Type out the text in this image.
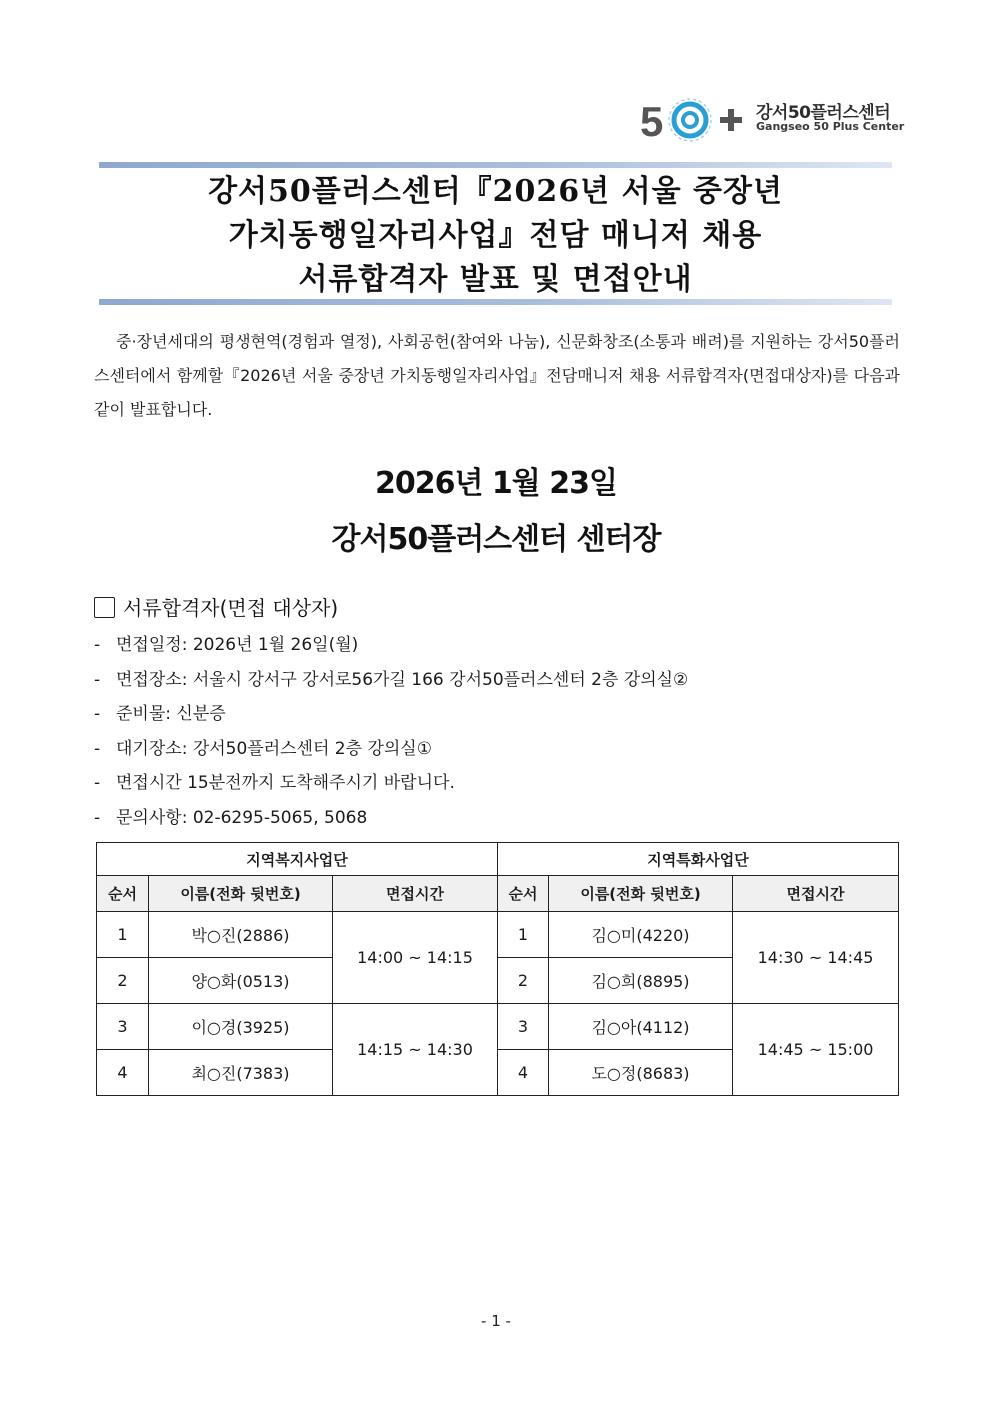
5	강서50플러스센터
Gangseo 50 Plus Center
강서50플러스센터『2026년 서울 중장년
가치동행일자리사업』전담 매니저 채용
서류합격자 발표 및 면접안내
중·장년세대의 평생현역(경험과 열정), 사회공헌(참여와 나눔), 신문화창조(소통과 배려)를 지원하는 강서50플러스센터에서 함께할『2026년 서울 중장년 가치동행일자리사업』전담매니저 채용 서류합격자(면접대상자)를 다음과 같이 발표합니다.
2026년 1월 23일
강서50플러스센터 센터장
서류합격자(면접 대상자)
- 면접일정: 2026년 1월 26일(월)
- 면접장소: 서울시 강서구 강서로56가길 166 강서50플러스센터 2층 강의실②
- 준비물: 신분증
- 대기장소: 강서50플러스센터 2층 강의실①
- 면접시간 15분전까지 도착해주시기 바랍니다.
- 문의사항: 02-6295-5065, 5068
지역복지사업단			지역특화사업단		
순서	이름(전화 뒷번호)	면접시간	순서	이름(전화 뒷번호)	면접시간
1	박○진(2886)	14:00 ~ 14:15	1	김○미(4220)	14:30 ~ 14:45
2	양○화(0513)		2	김○희(8895)	
3	이○경(3925)	14:15 ~ 14:30	3	김○아(4112)	14:45 ~ 15:00
4	최○진(7383)		4	도○정(8683)	
- 1 -
